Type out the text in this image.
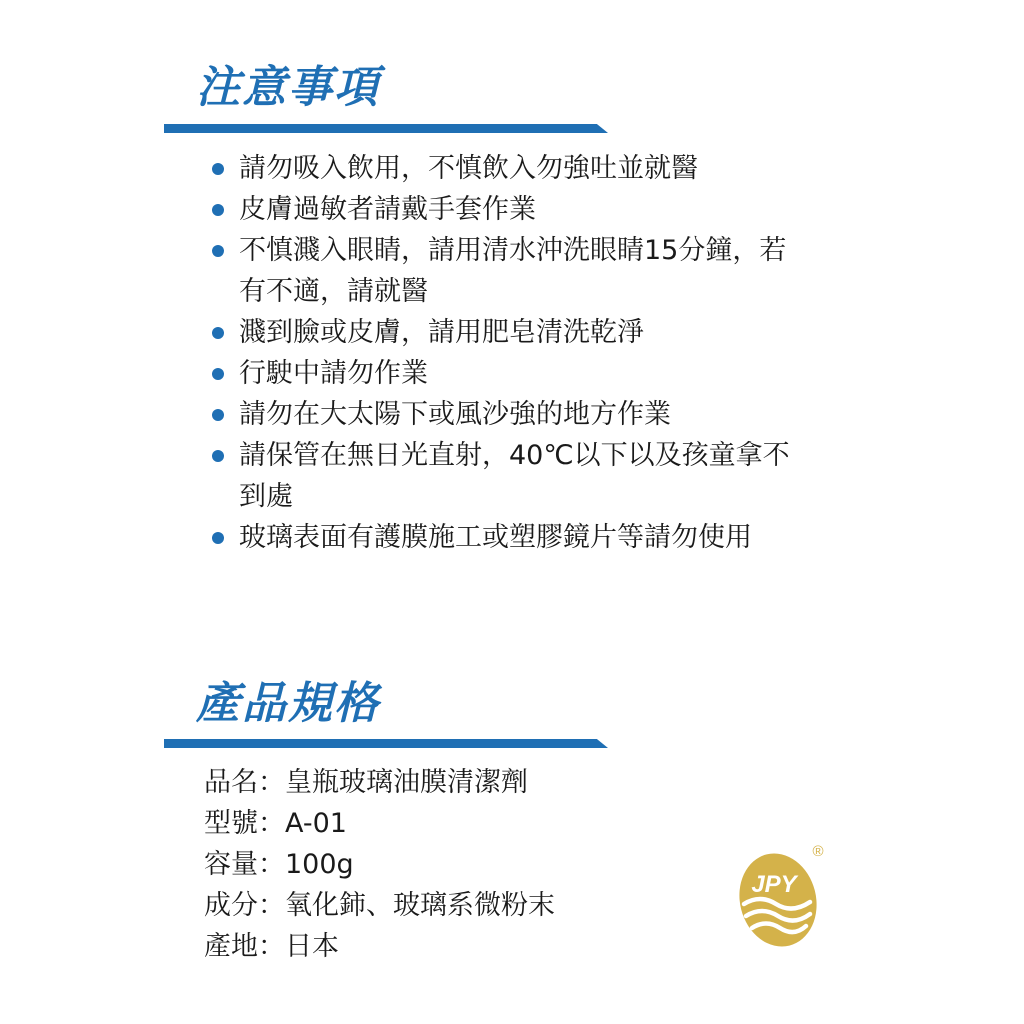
注意事項
請勿吸入飲用，不慎飲入勿強吐並就醫
皮膚過敏者請戴手套作業
不慎濺入眼睛，請用清水沖洗眼睛15分鐘，若
有不適，請就醫
濺到臉或皮膚，請用肥皂清洗乾淨
行駛中請勿作業
請勿在大太陽下或風沙強的地方作業
請保管在無日光直射，40℃以下以及孩童拿不
到處
玻璃表面有護膜施工或塑膠鏡片等請勿使用
產品規格
品名：皇瓶玻璃油膜清潔劑
型號：A-01
容量：100g
成分：氧化鈰、玻璃系微粉末
產地：日本
JPY
®
